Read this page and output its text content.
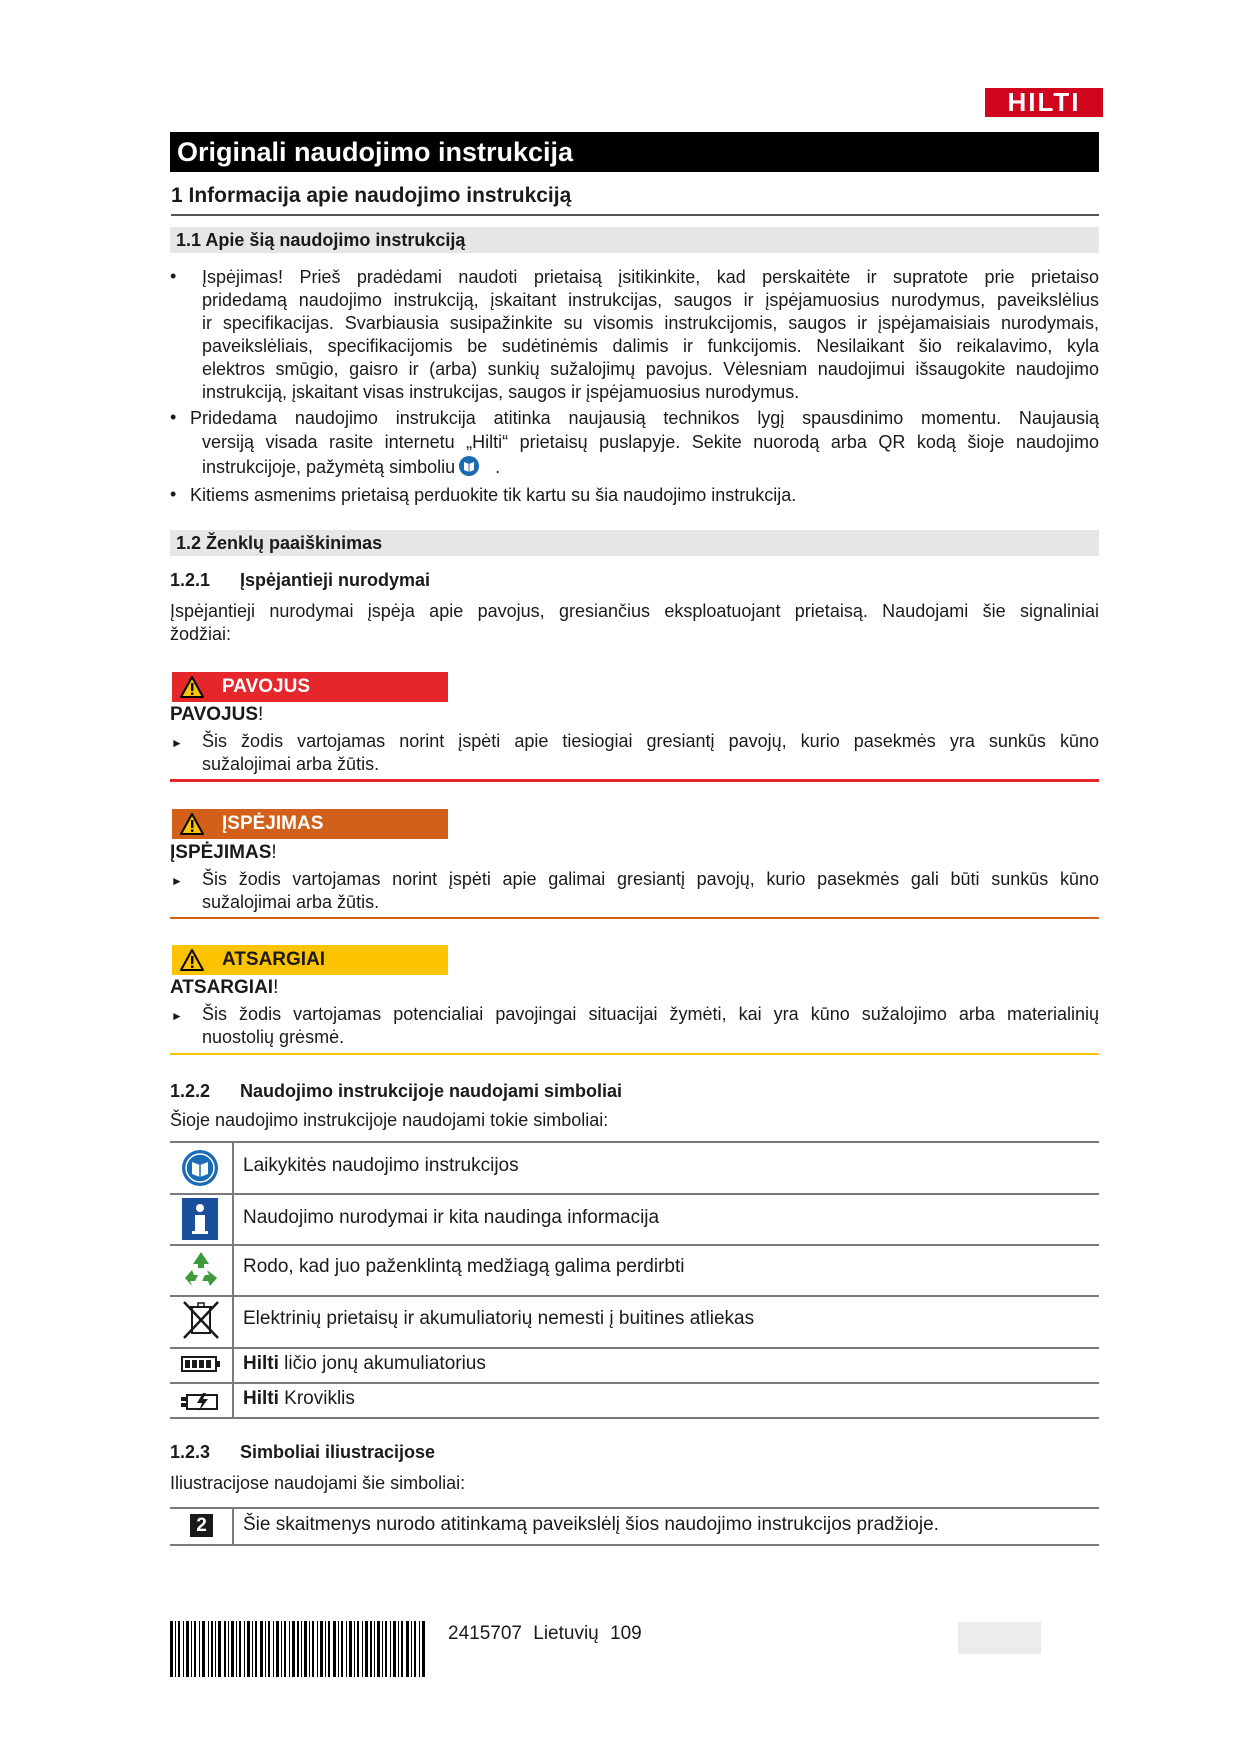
HILTI
Originali naudojimo instrukcija
1 Informacija apie naudojimo instrukciją
1.1 Apie šią naudojimo instrukciją
• Įspėjimas! Prieš pradėdami naudoti prietaisą įsitikinkite, kad perskaitėte ir supratote prie prietaiso
pridedamą naudojimo instrukciją, įskaitant instrukcijas, saugos ir įspėjamuosius nurodymus, paveikslėlius
ir specifikacijas. Svarbiausia susipažinkite su visomis instrukcijomis, saugos ir įspėjamaisiais nurodymais,
paveikslėliais, specifikacijomis be sudėtinėmis dalimis ir funkcijomis. Nesilaikant šio reikalavimo, kyla
elektros smūgio, gaisro ir (arba) sunkių sužalojimų pavojus. Vėlesniam naudojimui išsaugokite naudojimo
instrukciją, įskaitant visas instrukcijas, saugos ir įspėjamuosius nurodymus.
• Pridedama naudojimo instrukcija atitinka naujausią technikos lygį spausdinimo momentu. Naujausią
versiją visada rasite internetu „Hilti“ prietaisų puslapyje. Sekite nuorodą arba QR kodą šioje naudojimo
instrukcijoje, pažymėtą simboliu .
• Kitiems asmenims prietaisą perduokite tik kartu su šia naudojimo instrukcija.
1.2 Ženklų paaiškinimas
1.2.1 Įspėjantieji nurodymai
Įspėjantieji nurodymai įspėja apie pavojus, gresiančius eksploatuojant prietaisą. Naudojami šie signaliniai
žodžiai:
PAVOJUS
PAVOJUS!
► Šis žodis vartojamas norint įspėti apie tiesiogiai gresiantį pavojų, kurio pasekmės yra sunkūs kūno
sužalojimai arba žūtis.
ĮSPĖJIMAS
ĮSPĖJIMAS!
► Šis žodis vartojamas norint įspėti apie galimai gresiantį pavojų, kurio pasekmės gali būti sunkūs kūno
sužalojimai arba žūtis.
ATSARGIAI
ATSARGIAI!
► Šis žodis vartojamas potencialiai pavojingai situacijai žymėti, kai yra kūno sužalojimo arba materialinių
nuostolių grėsmė.
1.2.2 Naudojimo instrukcijoje naudojami simboliai
Šioje naudojimo instrukcijoje naudojami tokie simboliai:
Laikykitės naudojimo instrukcijos
Naudojimo nurodymai ir kita naudinga informacija
Rodo, kad juo paženklintą medžiagą galima perdirbti
Elektrinių prietaisų ir akumuliatorių nemesti į buitines atliekas
Hilti ličio jonų akumuliatorius
Hilti Kroviklis
1.2.3 Simboliai iliustracijose
Iliustracijose naudojami šie simboliai:
2	Šie skaitmenys nurodo atitinkamą paveikslėlį šios naudojimo instrukcijos pradžioje.
2415707 Lietuvių 109
